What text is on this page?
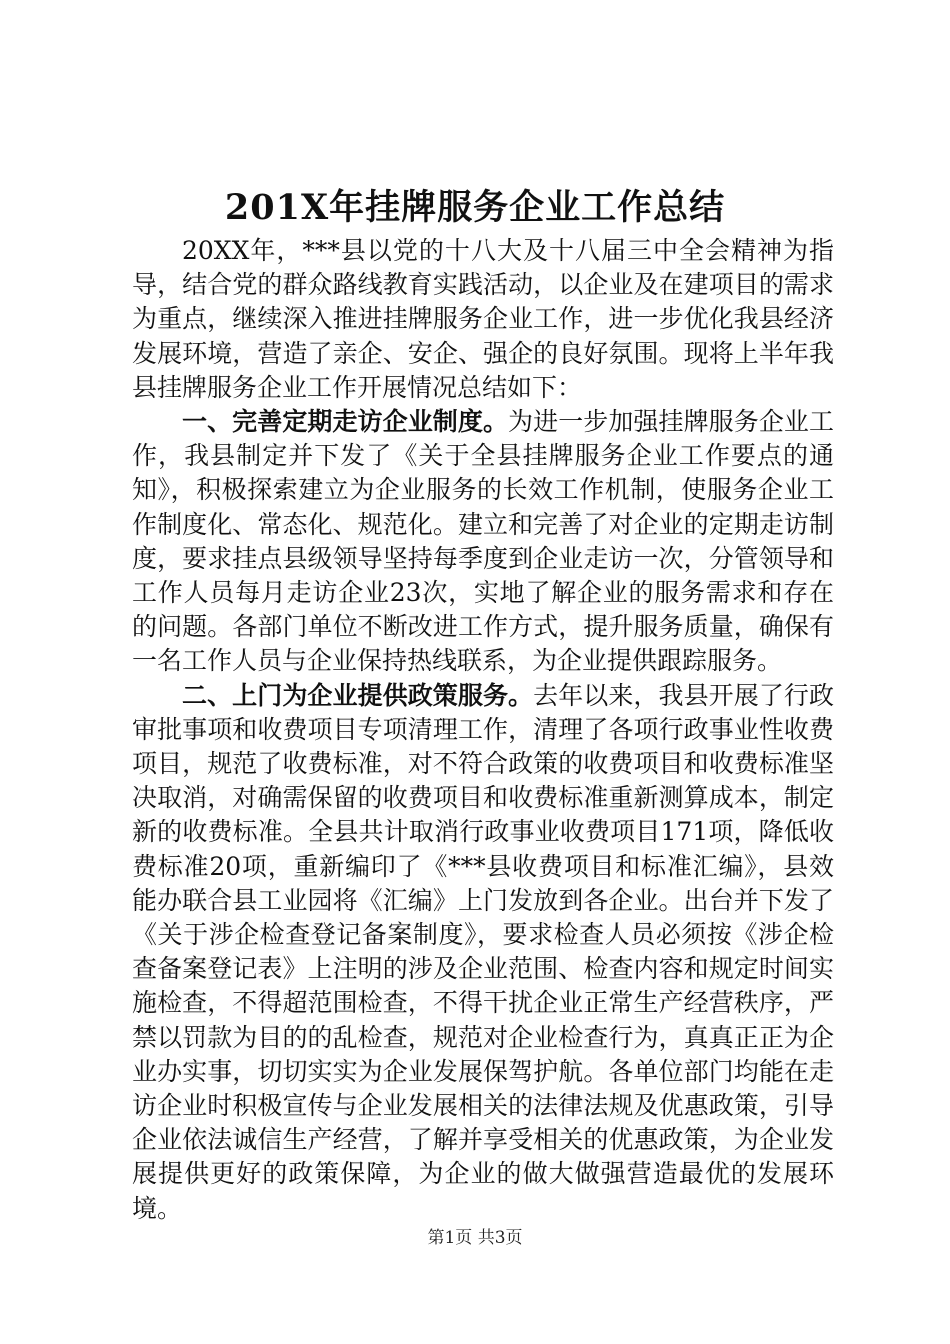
201X年挂牌服务企业工作总结

20XX年，***县以党的十八大及十八届三中全会精神为指导，结合党的群众路线教育实践活动，以企业及在建项目的需求为重点，继续深入推进挂牌服务企业工作，进一步优化我县经济发展环境，营造了亲企、安企、强企的良好氛围。现将上半年我县挂牌服务企业工作开展情况总结如下：

一、完善定期走访企业制度。为进一步加强挂牌服务企业工作，我县制定并下发了《关于全县挂牌服务企业工作要点的通知》，积极探索建立为企业服务的长效工作机制，使服务企业工作制度化、常态化、规范化。建立和完善了对企业的定期走访制度，要求挂点县级领导坚持每季度到企业走访一次，分管领导和工作人员每月走访企业23次，实地了解企业的服务需求和存在的问题。各部门单位不断改进工作方式，提升服务质量，确保有一名工作人员与企业保持热线联系，为企业提供跟踪服务。

二、上门为企业提供政策服务。去年以来，我县开展了行政审批事项和收费项目专项清理工作，清理了各项行政事业性收费项目，规范了收费标准，对不符合政策的收费项目和收费标准坚决取消，对确需保留的收费项目和收费标准重新测算成本，制定新的收费标准。全县共计取消行政事业收费项目171项，降低收费标准20项，重新编印了《***县收费项目和标准汇编》，县效能办联合县工业园将《汇编》上门发放到各企业。出台并下发了《关于涉企检查登记备案制度》，要求检查人员必须按《涉企检查备案登记表》上注明的涉及企业范围、检查内容和规定时间实施检查，不得超范围检查，不得干扰企业正常生产经营秩序，严禁以罚款为目的的乱检查，规范对企业检查行为，真真正正为企业办实事，切切实实为企业发展保驾护航。各单位部门均能在走访企业时积极宣传与企业发展相关的法律法规及优惠政策，引导企业依法诚信生产经营，了解并享受相关的优惠政策，为企业发展提供更好的政策保障，为企业的做大做强营造最优的发展环境。

第1页 共3页
